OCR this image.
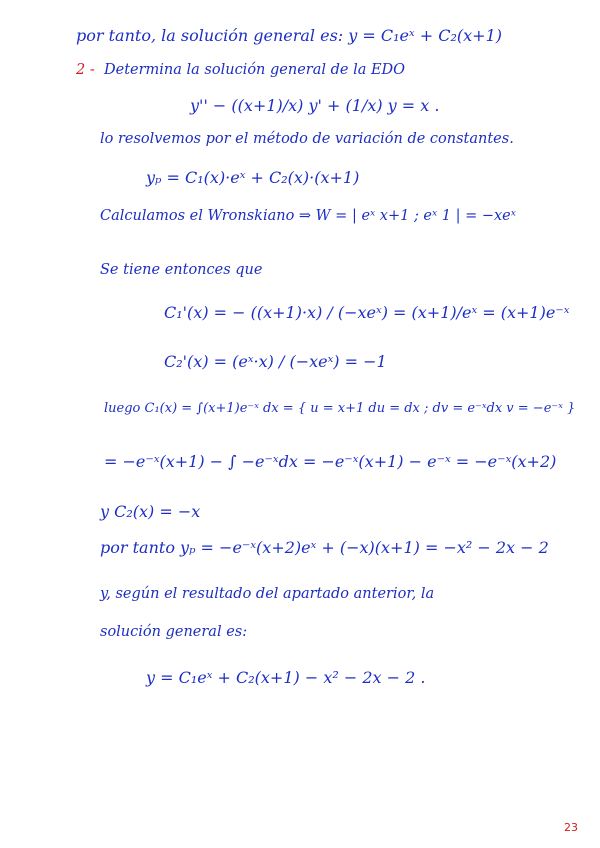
2 -
por tanto, la solución general es: y = C₁eˣ + C₂(x+1)
Determina la solución general de la EDO
y'' − ((x+1)/x) y' + (1/x) y = x .
lo resolvemos por el método de variación de constantes.
yₚ = C₁(x)·eˣ + C₂(x)·(x+1)
Calculamos el Wronskiano ⇒ W = | eˣ x+1 ; eˣ 1 | = −xeˣ
Se tiene entonces que
C₁'(x) = − ((x+1)·x) / (−xeˣ) = (x+1)/eˣ = (x+1)e⁻ˣ
C₂'(x) = (eˣ·x) / (−xeˣ) = −1
luego C₁(x) = ∫(x+1)e⁻ˣ dx = { u = x+1 du = dx ; dv = e⁻ˣdx v = −e⁻ˣ }
= −e⁻ˣ(x+1) − ∫ −e⁻ˣdx = −e⁻ˣ(x+1) − e⁻ˣ = −e⁻ˣ(x+2)
y C₂(x) = −x
por tanto yₚ = −e⁻ˣ(x+2)eˣ + (−x)(x+1) = −x² − 2x − 2
y, según el resultado del apartado anterior, la
solución general es:
y = C₁eˣ + C₂(x+1) − x² − 2x − 2 .
23
